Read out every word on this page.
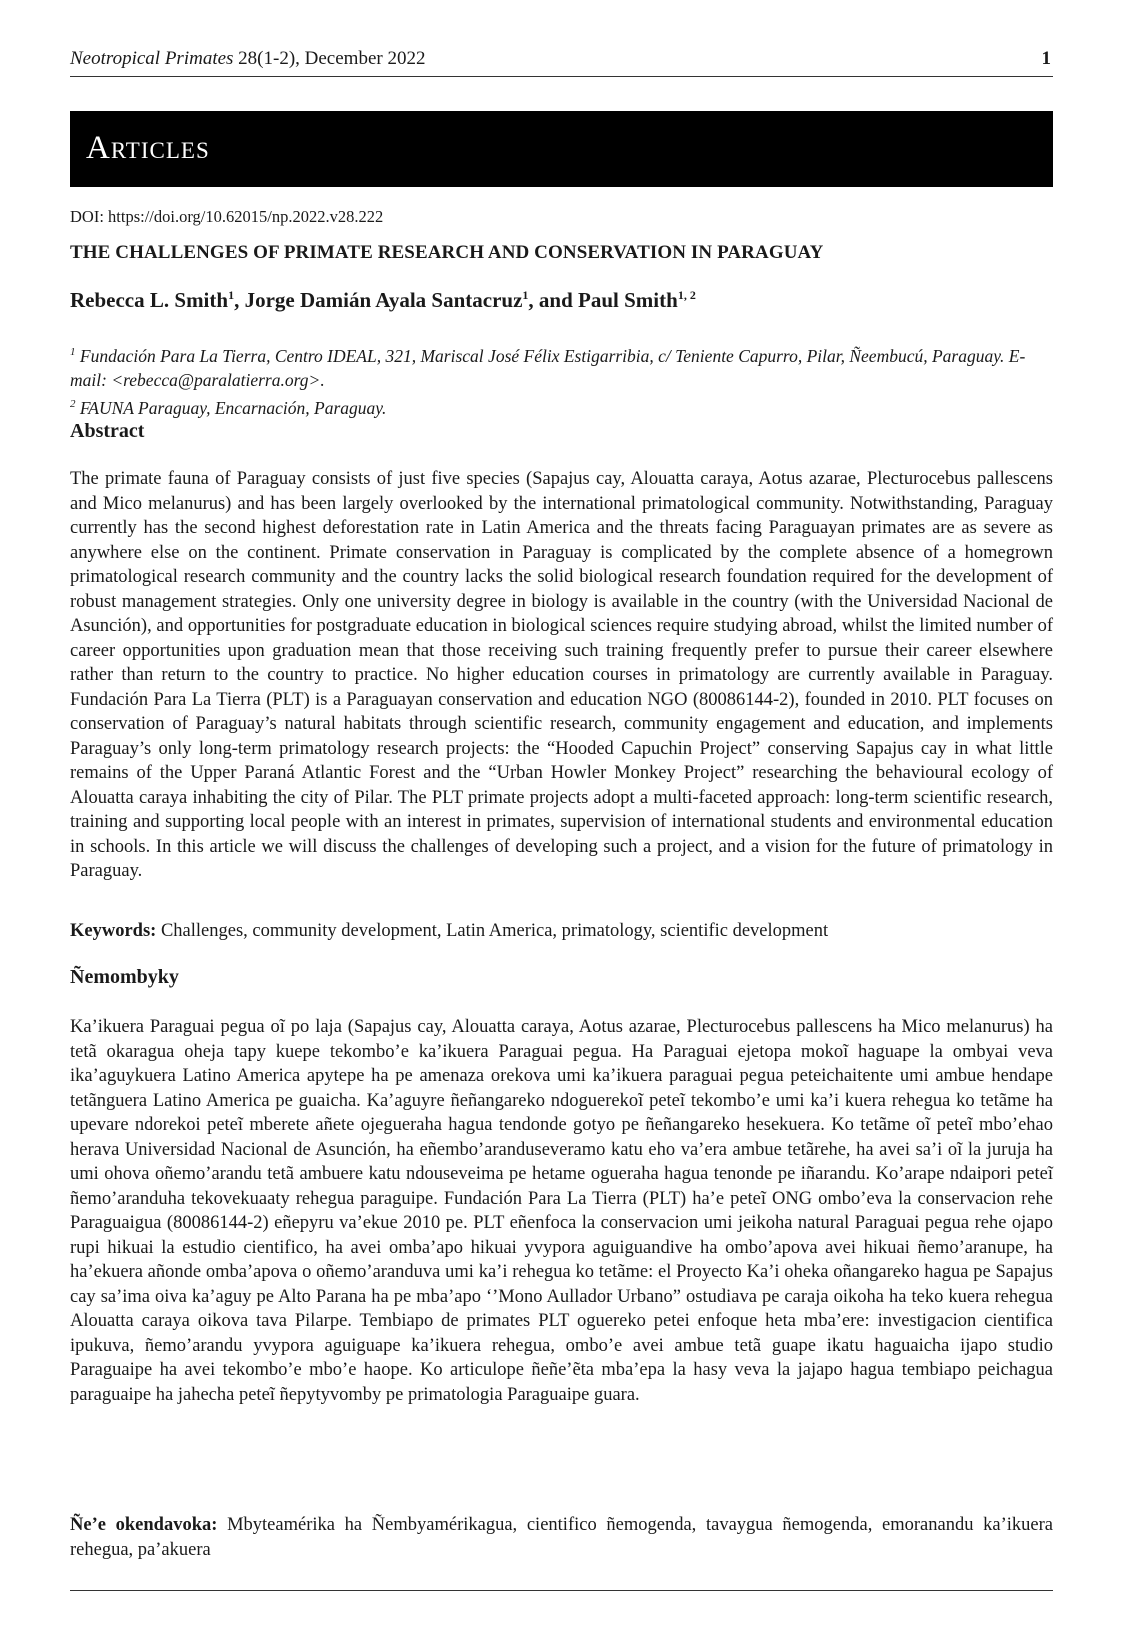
Neotropical Primates 28(1-2), December 2022	1
Articles
DOI: https://doi.org/10.62015/np.2022.v28.222
THE CHALLENGES OF PRIMATE RESEARCH AND CONSERVATION IN PARAGUAY
Rebecca L. Smith$^1$, Jorge Damián Ayala Santacruz$^1$, and Paul Smith$^{1, 2}$
$^1$ Fundación Para La Tierra, Centro IDEAL, 321, Mariscal José Félix Estigarribia, c/ Teniente Capurro, Pilar, Ñeembucú, Paraguay. E-mail: <rebecca@paralatierra.org>.
$^2$ FAUNA Paraguay, Encarnación, Paraguay.
Abstract
The primate fauna of Paraguay consists of just five species (Sapajus cay, Alouatta caraya, Aotus azarae, Plecturocebus pallescens and Mico melanurus) and has been largely overlooked by the international primatological community. Notwithstanding, Paraguay currently has the second highest deforestation rate in Latin America and the threats facing Paraguayan primates are as severe as anywhere else on the continent. Primate conservation in Paraguay is complicated by the complete absence of a homegrown primatological research community and the country lacks the solid biological research foundation required for the development of robust management strategies. Only one university degree in biology is available in the country (with the Universidad Nacional de Asunción), and opportunities for postgraduate education in biological sciences require studying abroad, whilst the limited number of career opportunities upon graduation mean that those receiving such training frequently prefer to pursue their career elsewhere rather than return to the country to practice. No higher education courses in primatology are currently available in Paraguay. Fundación Para La Tierra (PLT) is a Paraguayan conservation and education NGO (80086144-2), founded in 2010. PLT focuses on conservation of Paraguay’s natural habitats through scientific research, community engagement and education, and implements Paraguay’s only long-term primatology research projects: the “Hooded Capuchin Project” conserving Sapajus cay in what little remains of the Upper Paraná Atlantic Forest and the “Urban Howler Monkey Project” researching the behavioural ecology of Alouatta caraya inhabiting the city of Pilar. The PLT primate projects adopt a multi-faceted approach: long-term scientific research, training and supporting local people with an interest in primates, supervision of international students and environmental education in schools. In this article we will discuss the challenges of developing such a project, and a vision for the future of primatology in Paraguay.
Keywords: Challenges, community development, Latin America, primatology, scientific development
Ñemombyky
Ka’ikuera Paraguai pegua oĩ po laja (Sapajus cay, Alouatta caraya, Aotus azarae, Plecturocebus pallescens ha Mico melanurus) ha tetã okaragua oheja tapy kuepe tekombo’e ka’ikuera Paraguai pegua. Ha Paraguai ejetopa mokoĩ haguape la ombyai veva ika’aguykuera Latino America apytepe ha pe amenaza orekova umi ka’ikuera paraguai pegua peteichaitente umi ambue hendape tetãnguera Latino America pe guaicha. Ka’aguyre ñeñangareko ndoguerekoĩ peteĩ tekombo’e umi ka’i kuera rehegua ko tetãme ha upevare ndorekoi peteĩ mberete añete ojegueraha hagua tendonde gotyo pe ñeñangareko hesekuera. Ko tetãme oĩ peteĩ mbo’ehao herava Universidad Nacional de Asunción, ha eñembo’aranduseveramo katu eho va’era ambue tetãrehe, ha avei sa’i oĩ la juruja ha umi ohova oñemo’arandu tetã ambuere katu ndouseveima pe hetame ogueraha hagua tenonde pe iñarandu. Ko’arape ndaipori peteĩ ñemo’aranduha tekovekuaaty rehegua paraguipe. Fundación Para La Tierra (PLT) ha’e peteĩ ONG ombo’eva la conservacion rehe Paraguaigua (80086144-2) eñepyru va’ekue 2010 pe. PLT eñenfoca la conservacion umi jeikoha natural Paraguai pegua rehe ojapo rupi hikuai la estudio cientifico, ha avei omba’apo hikuai yvypora aguiguandive ha ombo’apova avei hikuai ñemo’aranupe, ha ha’ekuera añonde omba’apova o oñemo’aranduva umi ka’i rehegua ko tetãme: el Proyecto Ka’i oheka oñangareko hagua pe Sapajus cay sa’ima oiva ka’aguy pe Alto Parana ha pe mba’apo ‘’Mono Aullador Urbano” ostudiava pe caraja oikoha ha teko kuera rehegua Alouatta caraya oikova tava Pilarpe. Tembiapo de primates PLT oguereko petei enfoque heta mba’ere: investigacion cientifica ipukuva, ñemo’arandu yvypora aguiguape ka’ikuera rehegua, ombo’e avei ambue tetã guape ikatu haguaicha ijapo studio Paraguaipe ha avei tekombo’e mbo’e haope. Ko articulope ñeñe’ẽta mba’epa la hasy veva la jajapo hagua tembiapo peichagua paraguaipe ha jahecha peteĩ ñepytyvomby pe primatologia Paraguaipe guara.
Ñe’e okendavoka: Mbyteamérika ha Ñembyamérikagua, cientifico ñemogenda, tavaygua ñemogenda, emoranandu ka’ikuera rehegua, pa’akuera
